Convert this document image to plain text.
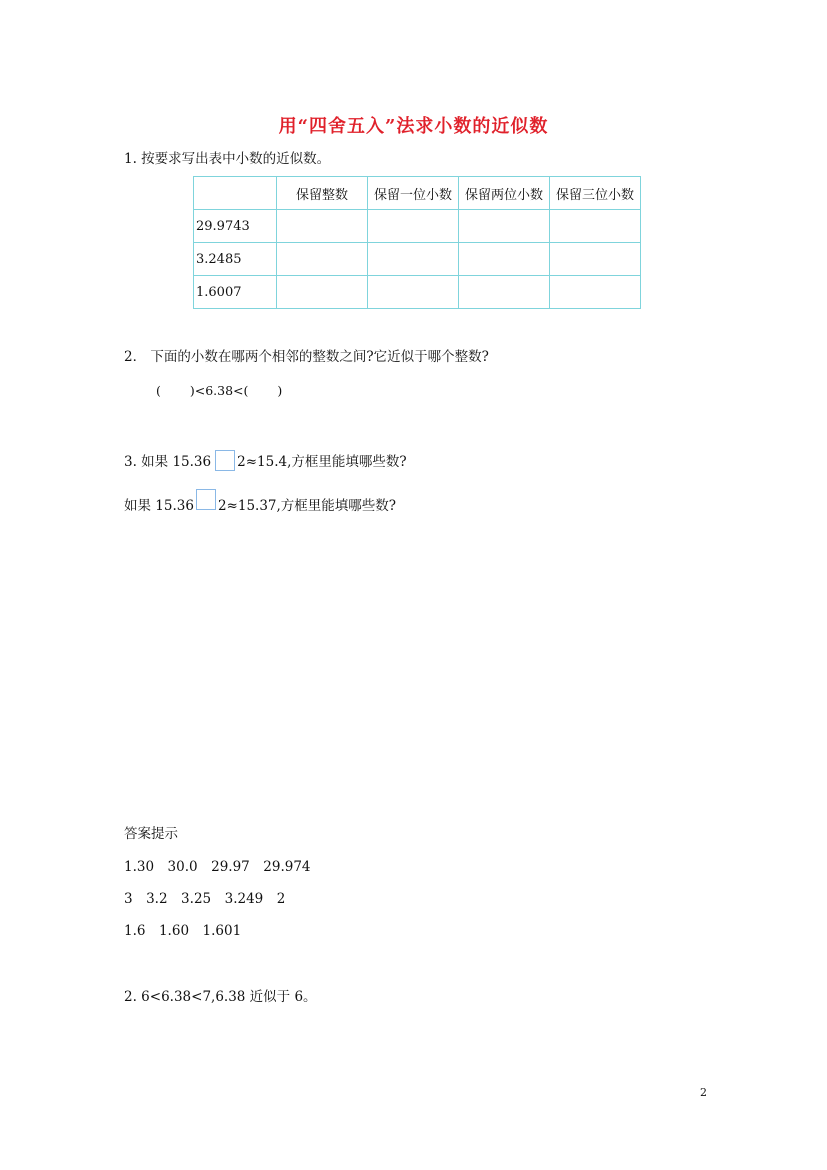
用“四舍五入”法求小数的近似数
1. 按要求写出表中小数的近似数。
	保留整数	保留一位小数	保留两位小数	保留三位小数
29.9743				
3.2485				
1.6007				
2． 下面的小数在哪两个相邻的整数之间?它近似于哪个整数?
(　 　)<6.38<(　 　)
3. 如果 15.36 2≈15.4,方框里能填哪些数?
如果 15.36 2≈15.37,方框里能填哪些数?
答案提示
1.30　30.0　29.97　29.974
3　3.2　3.25　3.249　2
1.6　1.60　1.601
2. 6<6.38<7,6.38 近似于 6。
2
